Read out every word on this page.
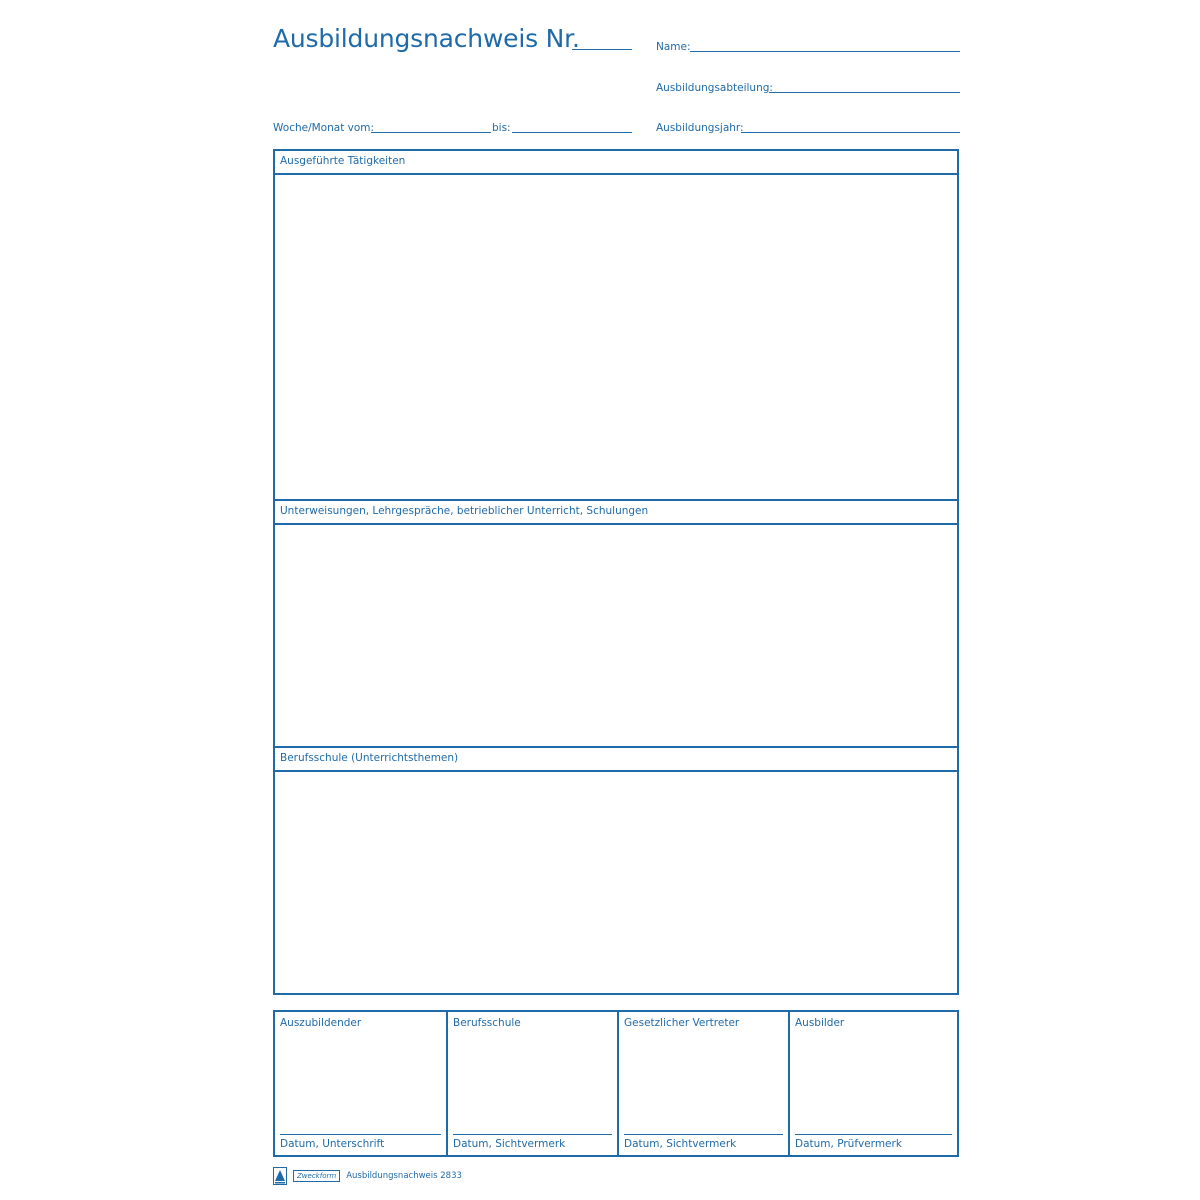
Ausbildungsnachweis Nr.	Name:
Ausbildungsabteilung:
Woche/Monat vom:	bis:	Ausbildungsjahr:
Ausgeführte Tätigkeiten
Unterweisungen, Lehrgespräche, betrieblicher Unterricht, Schulungen
Berufsschule (Unterrichtsthemen)
Auszubildender
Datum, Unterschrift
Berufsschule
Datum, Sichtvermerk
Gesetzlicher Vertreter
Datum, Sichtvermerk
Ausbilder
Datum, Prüfvermerk
Zweckform	Ausbildungsnachweis 2833
